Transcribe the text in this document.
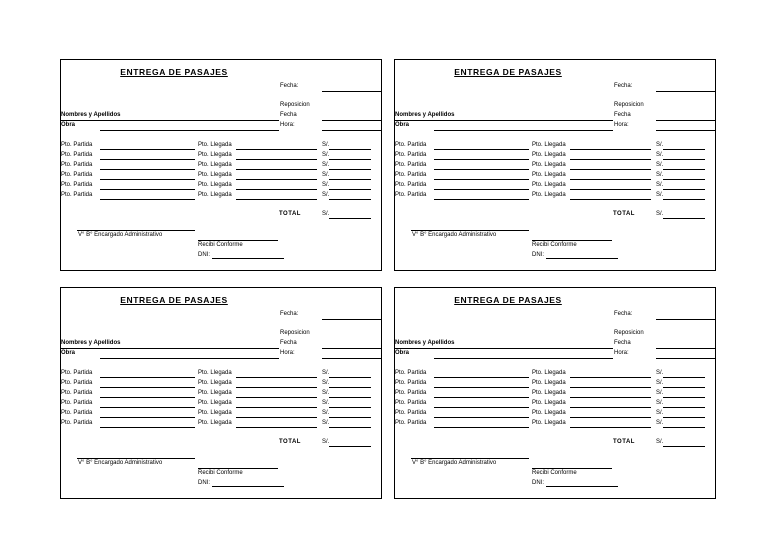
ENTREGA DE PASAJES
Fecha:
Reposicion
Fecha
Hora:
Nombres y Apellidos
Obra
Pto. Partida	Pto. Llegada	S/.
Pto. Partida	Pto. Llegada	S/.
Pto. Partida	Pto. Llegada	S/.
Pto. Partida	Pto. Llegada	S/.
Pto. Partida	Pto. Llegada	S/.
Pto. Partida	Pto. Llegada	S/.
TOTAL	S/.
V° B° Encargado Administrativo
Recibi Conforme
DNI:
ENTREGA DE PASAJES
Fecha:
Reposicion
Fecha
Hora:
Nombres y Apellidos
Obra
Pto. Partida	Pto. Llegada	S/.
Pto. Partida	Pto. Llegada	S/.
Pto. Partida	Pto. Llegada	S/.
Pto. Partida	Pto. Llegada	S/.
Pto. Partida	Pto. Llegada	S/.
Pto. Partida	Pto. Llegada	S/.
TOTAL	S/.
V° B° Encargado Administrativo
Recibi Conforme
DNI:
ENTREGA DE PASAJES
Fecha:
Reposicion
Fecha
Hora:
Nombres y Apellidos
Obra
Pto. Partida	Pto. Llegada	S/.
Pto. Partida	Pto. Llegada	S/.
Pto. Partida	Pto. Llegada	S/.
Pto. Partida	Pto. Llegada	S/.
Pto. Partida	Pto. Llegada	S/.
Pto. Partida	Pto. Llegada	S/.
TOTAL	S/.
V° B° Encargado Administrativo
Recibi Conforme
DNI:
ENTREGA DE PASAJES
Fecha:
Reposicion
Fecha
Hora:
Nombres y Apellidos
Obra
Pto. Partida	Pto. Llegada	S/.
Pto. Partida	Pto. Llegada	S/.
Pto. Partida	Pto. Llegada	S/.
Pto. Partida	Pto. Llegada	S/.
Pto. Partida	Pto. Llegada	S/.
Pto. Partida	Pto. Llegada	S/.
TOTAL	S/.
V° B° Encargado Administrativo
Recibi Conforme
DNI:
